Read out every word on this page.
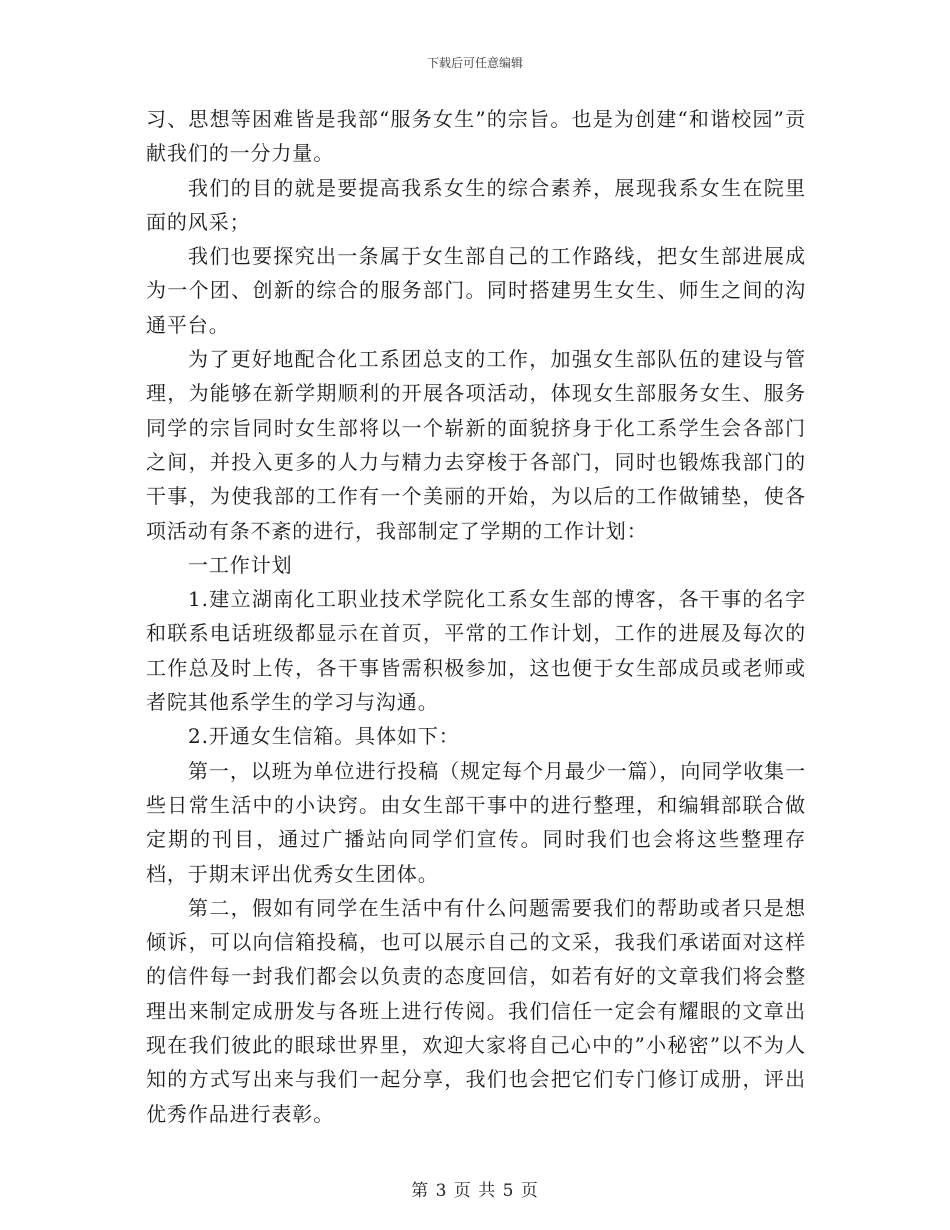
下载后可任意编辑

习、思想等困难皆是我部“服务女生”的宗旨。也是为创建“和谐校园”贡献我们的一分力量。

我们的目的就是要提高我系女生的综合素养，展现我系女生在院里面的风采；

我们也要探究出一条属于女生部自己的工作路线，把女生部进展成为一个团、创新的综合的服务部门。同时搭建男生女生、师生之间的沟通平台。

为了更好地配合化工系团总支的工作，加强女生部队伍的建设与管理，为能够在新学期顺利的开展各项活动，体现女生部服务女生、服务同学的宗旨同时女生部将以一个崭新的面貌挤身于化工系学生会各部门之间，并投入更多的人力与精力去穿梭于各部门，同时也锻炼我部门的干事，为使我部的工作有一个美丽的开始，为以后的工作做铺垫，使各项活动有条不紊的进行，我部制定了学期的工作计划：

一工作计划

1.建立湖南化工职业技术学院化工系女生部的博客，各干事的名字和联系电话班级都显示在首页，平常的工作计划，工作的进展及每次的工作总及时上传，各干事皆需积极参加，这也便于女生部成员或老师或者院其他系学生的学习与沟通。

2.开通女生信箱。具体如下：

第一，以班为单位进行投稿（规定每个月最少一篇），向同学收集一些日常生活中的小诀窍。由女生部干事中的进行整理，和编辑部联合做定期的刊目，通过广播站向同学们宣传。同时我们也会将这些整理存档，于期末评出优秀女生团体。

第二，假如有同学在生活中有什么问题需要我们的帮助或者只是想倾诉，可以向信箱投稿，也可以展示自己的文采，我我们承诺面对这样的信件每一封我们都会以负责的态度回信，如若有好的文章我们将会整理出来制定成册发与各班上进行传阅。我们信任一定会有耀眼的文章出现在我们彼此的眼球世界里，欢迎大家将自己心中的”小秘密”以不为人知的方式写出来与我们一起分享，我们也会把它们专门修订成册，评出优秀作品进行表彰。

第 3 页 共 5 页
